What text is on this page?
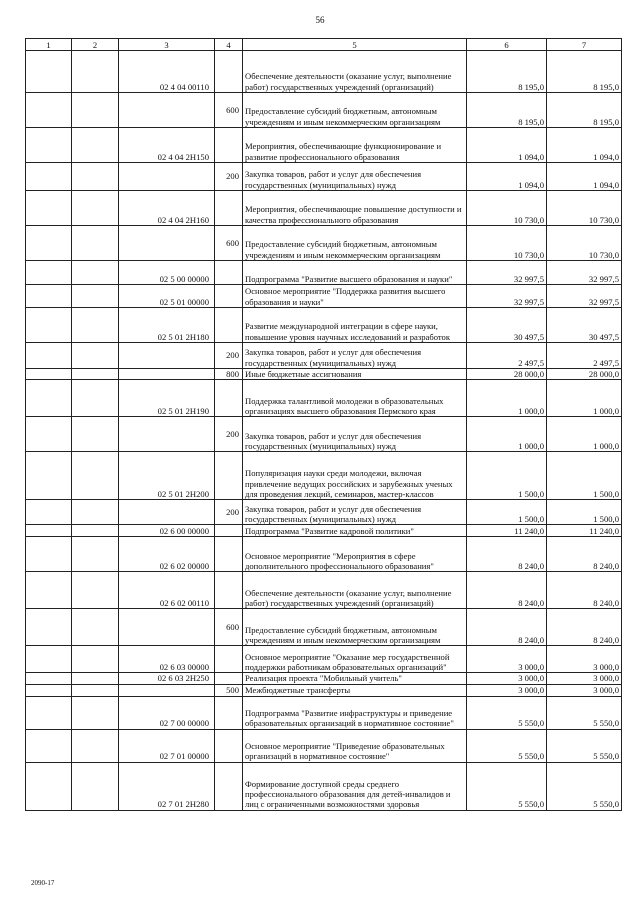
56
1	2	3	4	5	6	7
		02 4 04 00110		Обеспечение деятельности (оказание услуг, выполнение работ) государственных учреждений (организаций)	8 195,0	8 195,0
			600	Предоставление субсидий бюджетным, автономным учреждениям и иным некоммерческим организациям	8 195,0	8 195,0
		02 4 04 2Н150		Мероприятия, обеспечивающие функционирование и развитие профессионального образования	1 094,0	1 094,0
			200	Закупка товаров, работ и услуг для обеспечения государственных (муниципальных) нужд	1 094,0	1 094,0
		02 4 04 2Н160		Мероприятия, обеспечивающие повышение доступности и качества профессионального образования	10 730,0	10 730,0
			600	Предоставление субсидий бюджетным, автономным учреждениям и иным некоммерческим организациям	10 730,0	10 730,0
		02 5 00 00000		Подпрограмма "Развитие высшего образования и науки"	32 997,5	32 997,5
		02 5 01 00000		Основное мероприятие "Поддержка развития высшего образования и науки"	32 997,5	32 997,5
		02 5 01 2Н180		Развитие международной интеграции в сфере науки, повышение уровня научных исследований и разработок	30 497,5	30 497,5
			200	Закупка товаров, работ и услуг для обеспечения государственных (муниципальных) нужд	2 497,5	2 497,5
			800	Иные бюджетные ассигнования	28 000,0	28 000,0
		02 5 01 2Н190		Поддержка талантливой молодежи в образовательных организациях высшего образования Пермского края	1 000,0	1 000,0
			200	Закупка товаров, работ и услуг для обеспечения государственных (муниципальных) нужд	1 000,0	1 000,0
		02 5 01 2Н200		Популяризация науки среди молодежи, включая привлечение ведущих российских и зарубежных ученых для проведения лекций, семинаров, мастер-классов	1 500,0	1 500,0
			200	Закупка товаров, работ и услуг для обеспечения государственных (муниципальных) нужд	1 500,0	1 500,0
		02 6 00 00000		Подпрограмма "Развитие кадровой политики"	11 240,0	11 240,0
		02 6 02 00000		Основное мероприятие "Мероприятия в сфере дополнительного профессионального образования"	8 240,0	8 240,0
		02 6 02 00110		Обеспечение деятельности (оказание услуг, выполнение работ) государственных учреждений (организаций)	8 240,0	8 240,0
			600	Предоставление субсидий бюджетным, автономным учреждениям и иным некоммерческим организациям	8 240,0	8 240,0
		02 6 03 00000		Основное мероприятие "Оказание мер государственной поддержки работникам образовательных организаций"	3 000,0	3 000,0
		02 6 03 2Н250		Реализация проекта "Мобильный учитель"	3 000,0	3 000,0
			500	Межбюджетные трансферты	3 000,0	3 000,0
		02 7 00 00000		Подпрограмма "Развитие инфраструктуры и приведение образовательных организаций в нормативное состояние"	5 550,0	5 550,0
		02 7 01 00000		Основное мероприятие "Приведение образовательных организаций в нормативное состояние"	5 550,0	5 550,0
		02 7 01 2Н280		Формирование доступной среды среднего профессионального образования для детей-инвалидов и лиц с ограниченными возможностями здоровья	5 550,0	5 550,0
2090-17
